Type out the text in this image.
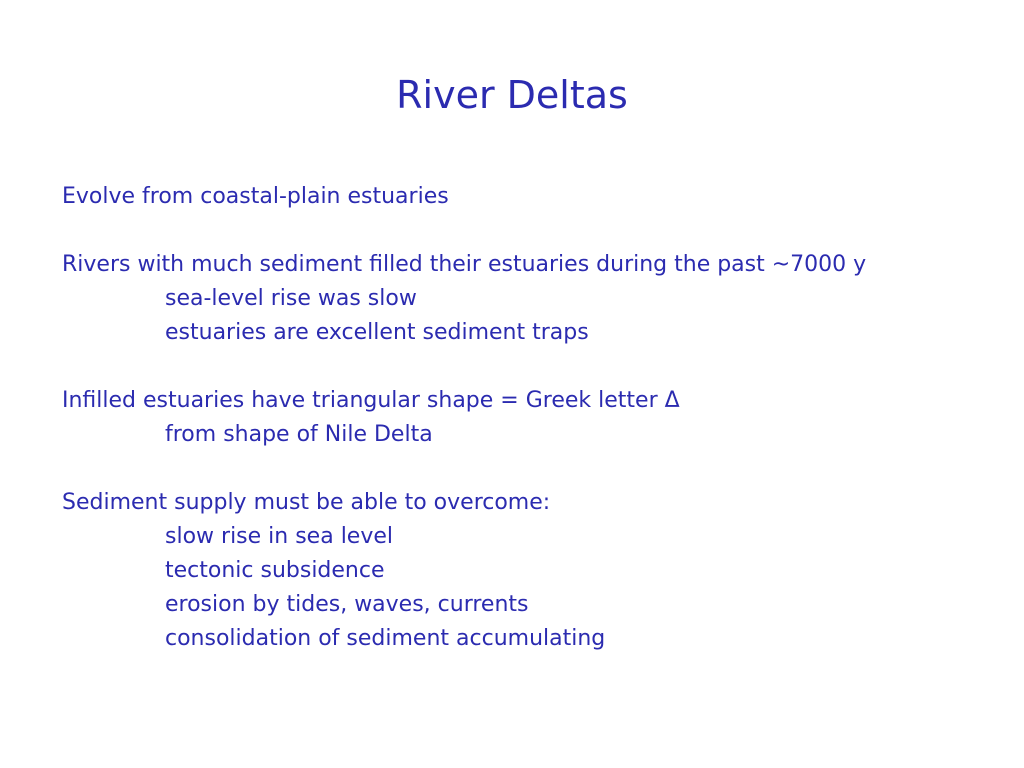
River Deltas
Evolve from coastal-plain estuaries
Rivers with much sediment filled their estuaries during the past ~7000 y
sea-level rise was slow
estuaries are excellent sediment traps
Infilled estuaries have triangular shape = Greek letter Δ
from shape of Nile Delta
Sediment supply must be able to overcome:
slow rise in sea level
tectonic subsidence
erosion by tides, waves, currents
consolidation of sediment accumulating
